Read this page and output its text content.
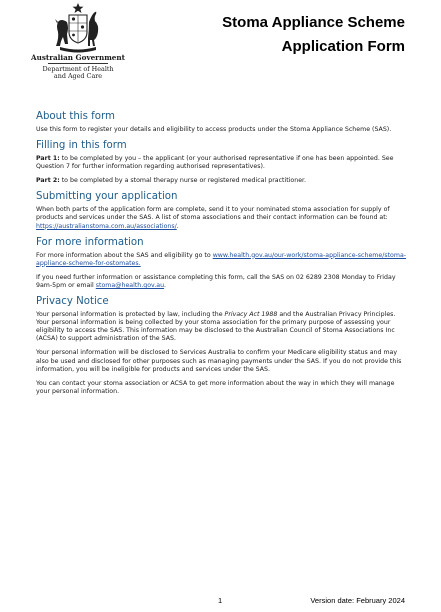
Australian Government
Department of Health
and Aged Care
Stoma Appliance Scheme
Application Form
About this form

Use this form to register your details and eligibility to access products under the Stoma Appliance Scheme (SAS).

Filling in this form

Part 1: to be completed by you – the applicant (or your authorised representative if one has been appointed. See Question 7 for further information regarding authorised representatives).

Part 2: to be completed by a stomal therapy nurse or registered medical practitioner.

Submitting your application

When both parts of the application form are complete, send it to your nominated stoma association for supply of products and services under the SAS. A list of stoma associations and their contact information can be found at: https://australianstoma.com.au/associations/.

For more information

For more information about the SAS and eligibility go to www.health.gov.au/our-work/stoma-appliance-scheme/stoma-appliance-scheme-for-ostomates.

If you need further information or assistance completing this form, call the SAS on 02 6289 2308 Monday to Friday 9am-5pm or email stoma@health.gov.au.

Privacy Notice

Your personal information is protected by law, including the Privacy Act 1988 and the Australian Privacy Principles. Your personal information is being collected by your stoma association for the primary purpose of assessing your eligibility to access the SAS. This information may be disclosed to the Australian Council of Stoma Associations Inc (ACSA) to support administration of the SAS.

Your personal information will be disclosed to Services Australia to confirm your Medicare eligibility status and may also be used and disclosed for other purposes such as managing payments under the SAS. If you do not provide this information, you will be ineligible for products and services under the SAS.

You can contact your stoma association or ACSA to get more information about the way in which they will manage your personal information.

1	Version date: February 2024
